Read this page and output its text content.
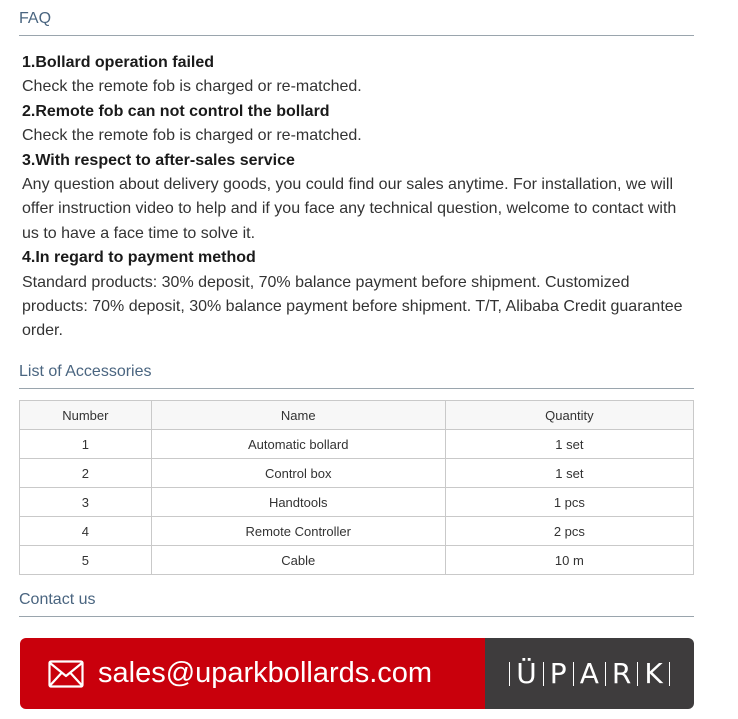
FAQ
1.Bollard operation failed
Check the remote fob is charged or re-matched.
2.Remote fob can not control the bollard
Check the remote fob is charged or re-matched.
3.With respect to after-sales service
Any question about delivery goods, you could find our sales anytime. For installation, we will offer instruction video to help and if you face any technical question, welcome to contact with us to have a face time to solve it.
4.In regard to payment method
Standard products: 30% deposit, 70% balance payment before shipment. Customized products: 70% deposit, 30% balance payment before shipment. T/T, Alibaba Credit guarantee order.
List of Accessories
Number	Name	Quantity
1	Automatic bollard	1 set
2	Control box	1 set
3	Handtools	1 pcs
4	Remote Controller	2 pcs
5	Cable	10 m
Contact us
sales@uparkbollards.com	Ü P A R K
